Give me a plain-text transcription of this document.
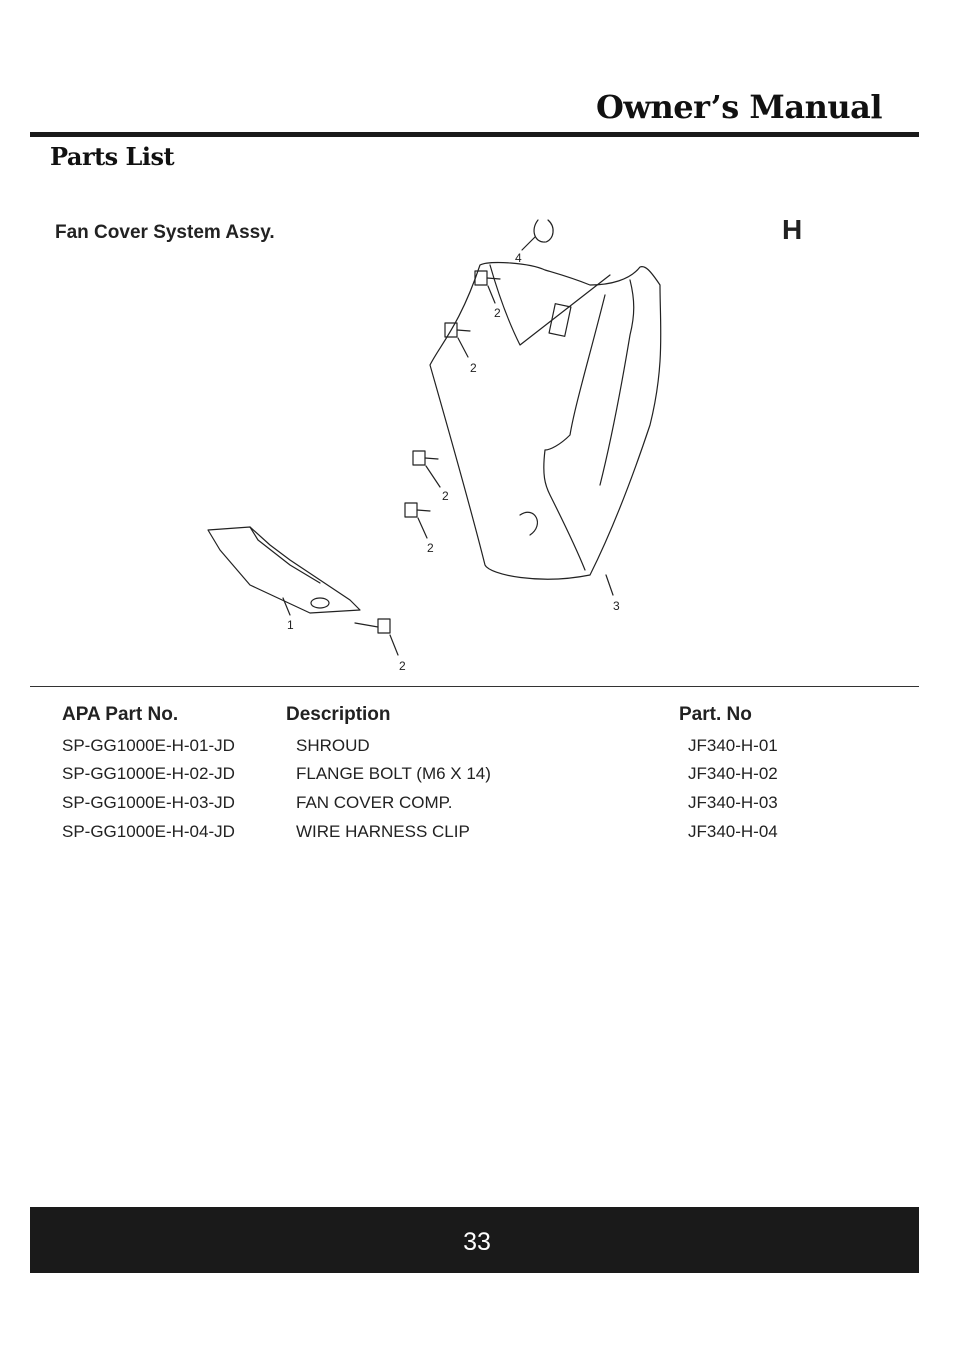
Owner’s Manual
Parts List
Fan Cover System Assy.	H
1
2
2
2
2
2
3
4
APA Part No.	Description	Part. No
SP-GG1000E-H-01-JD	SHROUD	JF340-H-01
SP-GG1000E-H-02-JD	FLANGE BOLT (M6 X 14)	JF340-H-02
SP-GG1000E-H-03-JD	FAN COVER COMP.	JF340-H-03
SP-GG1000E-H-04-JD	WIRE HARNESS CLIP	JF340-H-04
33
